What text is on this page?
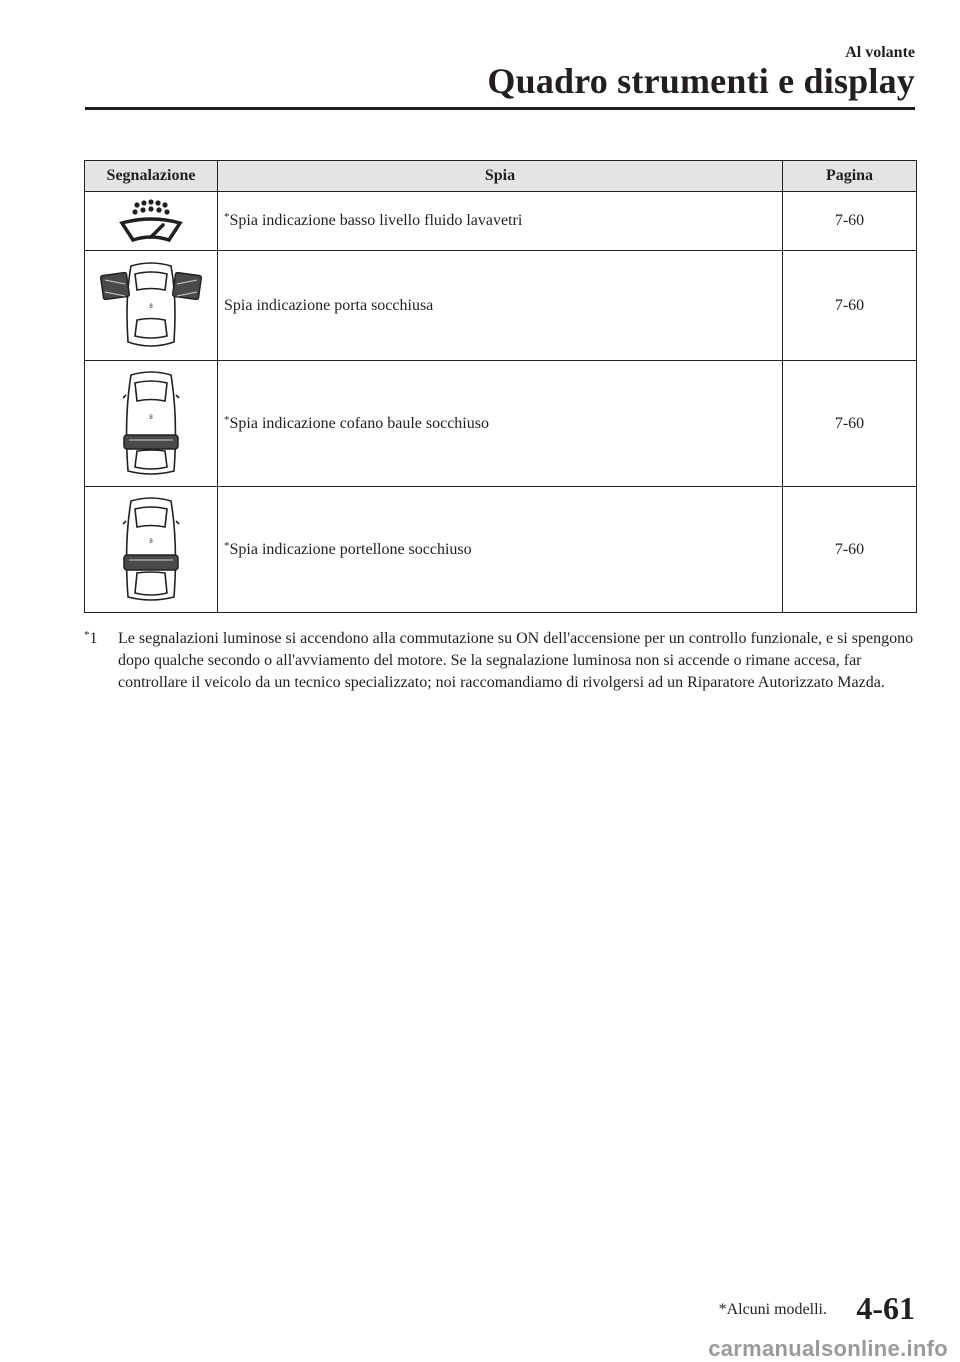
Al volante
Quadro strumenti e display
Segnalazione	Spia	Pagina

	*Spia indicazione basso livello fluido lavavetri	7-60

8	Spia indicazione porta socchiusa	7-60

8	*Spia indicazione cofano baule socchiuso	7-60

8	*Spia indicazione portellone socchiuso	7-60
*1 Le segnalazioni luminose si accendono alla commutazione su ON dell'accensione per un controllo funzionale, e si spengono dopo qualche secondo o all'avviamento del motore. Se la segnalazione luminosa non si accende o rimane accesa, far controllare il veicolo da un tecnico specializzato; noi raccomandiamo di rivolgersi ad un Riparatore Autorizzato Mazda.
*Alcuni modelli. 4-61
carmanualsonline.info
